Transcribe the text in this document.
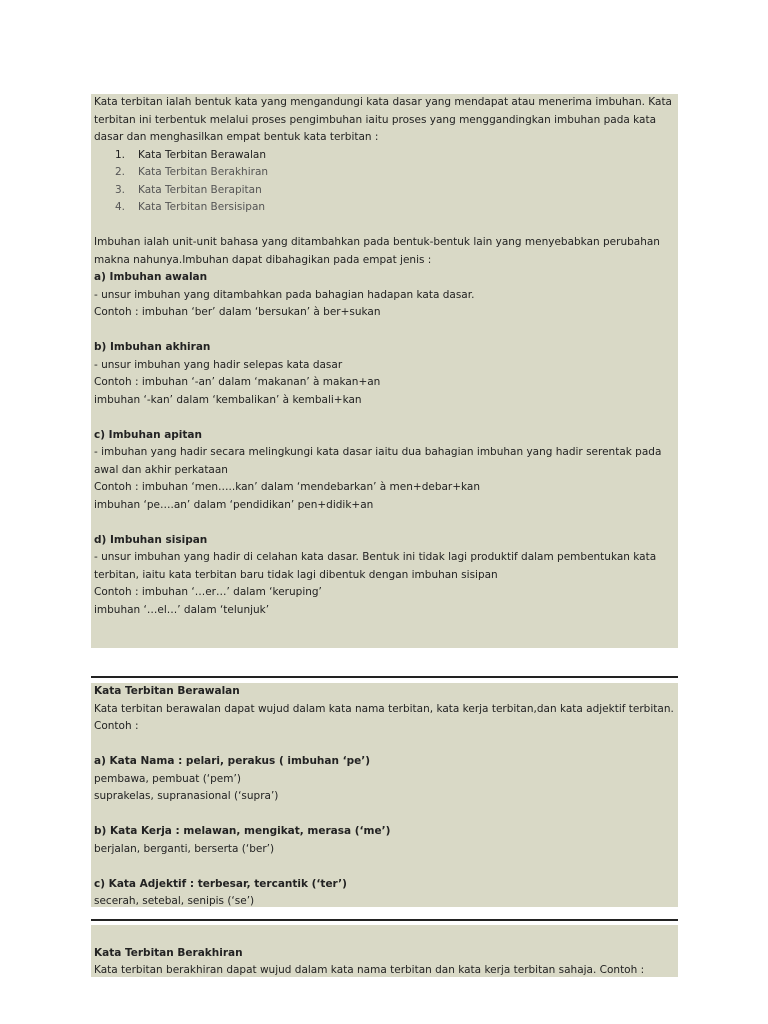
Kata terbitan ialah bentuk kata yang mengandungi kata dasar yang mendapat atau menerima imbuhan. Kata
terbitan ini terbentuk melalui proses pengimbuhan iaitu proses yang menggandingkan imbuhan pada kata
dasar dan menghasilkan empat bentuk kata terbitan :
1. Kata Terbitan Berawalan
2. Kata Terbitan Berakhiran
3. Kata Terbitan Berapitan
4. Kata Terbitan Bersisipan
Imbuhan ialah unit-unit bahasa yang ditambahkan pada bentuk-bentuk lain yang menyebabkan perubahan
makna nahunya.Imbuhan dapat dibahagikan pada empat jenis :
a) Imbuhan awalan
- unsur imbuhan yang ditambahkan pada bahagian hadapan kata dasar.
Contoh : imbuhan ‘ber’ dalam ‘bersukan’ à ber+sukan
b) Imbuhan akhiran
- unsur imbuhan yang hadir selepas kata dasar
Contoh : imbuhan ‘-an’ dalam ‘makanan’ à makan+an
imbuhan ‘-kan’ dalam ‘kembalikan’ à kembali+kan
c) Imbuhan apitan
- imbuhan yang hadir secara melingkungi kata dasar iaitu dua bahagian imbuhan yang hadir serentak pada
awal dan akhir perkataan
Contoh : imbuhan ‘men…..kan’ dalam ‘mendebarkan’ à men+debar+kan
imbuhan ‘pe….an’ dalam ‘pendidikan’ pen+didik+an
d) Imbuhan sisipan
- unsur imbuhan yang hadir di celahan kata dasar. Bentuk ini tidak lagi produktif dalam pembentukan kata
terbitan, iaitu kata terbitan baru tidak lagi dibentuk dengan imbuhan sisipan
Contoh : imbuhan ‘…er…’ dalam ‘keruping’
imbuhan ‘…el…’ dalam ‘telunjuk’
Kata Terbitan Berawalan
Kata terbitan berawalan dapat wujud dalam kata nama terbitan, kata kerja terbitan,dan kata adjektif terbitan.
Contoh :
a) Kata Nama : pelari, perakus ( imbuhan ‘pe’)
pembawa, pembuat (‘pem’)
suprakelas, supranasional (‘supra’)
b) Kata Kerja : melawan, mengikat, merasa (‘me’)
berjalan, berganti, berserta (‘ber’)
c) Kata Adjektif : terbesar, tercantik (‘ter’)
secerah, setebal, senipis (‘se’)
Kata Terbitan Berakhiran
Kata terbitan berakhiran dapat wujud dalam kata nama terbitan dan kata kerja terbitan sahaja. Contoh :
